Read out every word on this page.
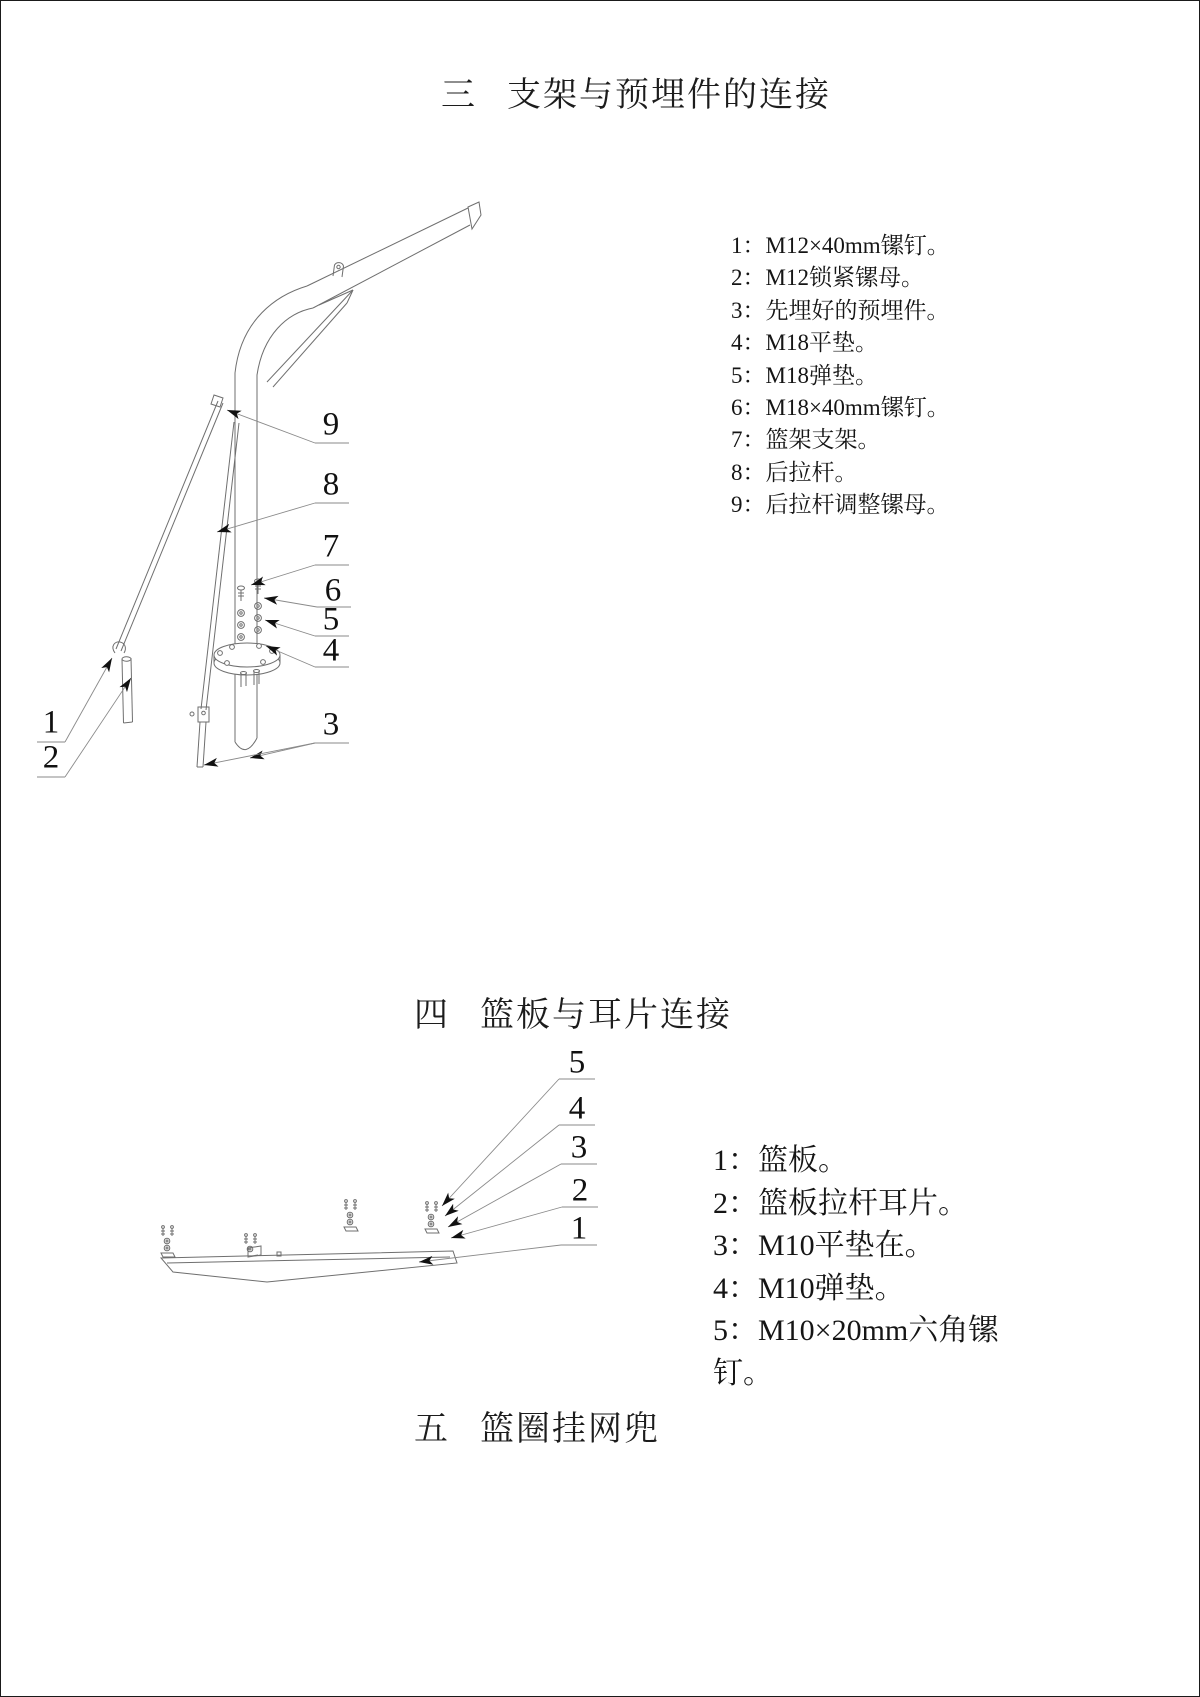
三 支架与预埋件的连接
1：M12×40mm镙钉。
2：M12锁紧镙母。
3：先埋好的预埋件。
4：M18平垫。
5：M18弹垫。
6：M18×40mm镙钉。
7：篮架支架。
8：后拉杆。
9：后拉杆调整镙母。
9
8
7
6
5
4
3
1
2
四 篮板与耳片连接
5
4
3
2
1
1：篮板。
2：篮板拉杆耳片。
3：M10平垫在。
4：M10弹垫。
5：M10×20mm六角镙
钉。
五 篮圈挂网兜
